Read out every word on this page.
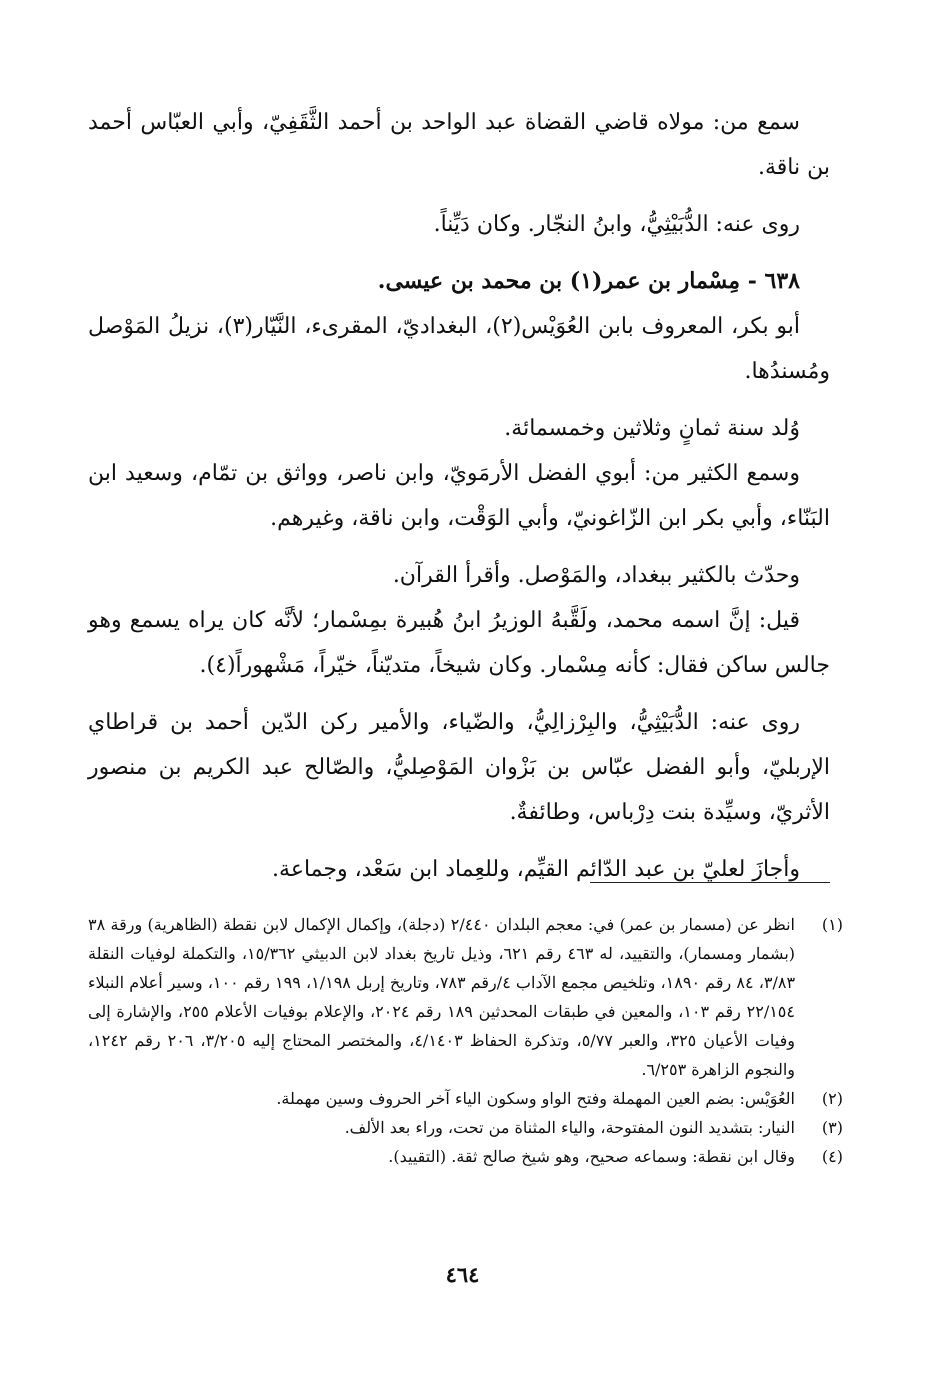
سمع من: مولاه قاضي القضاة عبد الواحد بن أحمد الثَّقَفِيّ، وأبي العبّاس أحمد بن ناقة.

روى عنه: الدُّبَيْثِيُّ، وابنُ النجّار. وكان دَيِّناً.

٦٣٨ - مِسْمار بن عمر(١) بن محمد بن عيسى.

أبو بكر، المعروف بابن العُوَيْس(٢)، البغداديّ، المقرىء، النَّيّار(٣)، نزيلُ المَوْصل ومُسندُها.

وُلد سنة ثمانٍ وثلاثين وخمسمائة.

وسمع الكثير من: أبوي الفضل الأرمَويّ، وابن ناصر، وواثق بن تمّام، وسعيد ابن البَنّاء، وأبي بكر ابن الزّاغونيّ، وأبي الوَقْت، وابن ناقة، وغيرهم.

وحدّث بالكثير ببغداد، والمَوْصل. وأقرأ القرآن.

قيل: إنَّ اسمه محمد، ولَقَّبهُ الوزيرُ ابنُ هُبيرة بمِسْمار؛ لأنَّه كان يراه يسمع وهو جالس ساكن فقال: كأنه مِسْمار. وكان شيخاً، متديّناً، خيّراً، مَشْهوراً(٤).

روى عنه: الدُّبَيْثِيُّ، والبِرْزالِيُّ، والضّياء، والأمير ركن الدّين أحمد بن قراطاي الإربليّ، وأبو الفضل عبّاس بن بَزْوان المَوْصِليُّ، والصّالح عبد الكريم بن منصور الأثريّ، وسيِّدة بنت دِرْباس، وطائفةٌ.

وأجازَ لعليّ بن عبد الدّائم القيِّم، وللعِماد ابن سَعْد، وجماعة.

(١)
انظر عن (مسمار بن عمر) في: معجم البلدان ٢/٤٤٠ (دجلة)، وإكمال الإكمال لابن نقطة (الظاهرية) ورقة ٣٨ (بشمار ومسمار)، والتقييد، له ٤٦٣ رقم ٦٢١، وذيل تاريخ بغداد لابن الدبيثي ١٥/٣٦٢، والتكملة لوفيات النقلة ٣/٨٣، ٨٤ رقم ١٨٩٠، وتلخيص مجمع الآداب ٤/رقم ٧٨٣، وتاريخ إربل ١/١٩٨، ١٩٩ رقم ١٠٠، وسير أعلام النبلاء ٢٢/١٥٤ رقم ١٠٣، والمعين في طبقات المحدثين ١٨٩ رقم ٢٠٢٤، والإعلام بوفيات الأعلام ٢٥٥، والإشارة إلى وفيات الأعيان ٣٢٥، والعبر ٥/٧٧، وتذكرة الحفاظ ٤/١٤٠٣، والمختصر المحتاج إليه ٣/٢٠٥، ٢٠٦ رقم ١٢٤٢، والنجوم الزاهرة ٦/٢٥٣.
(٢)
العُوَيْس: بضم العين المهملة وفتح الواو وسكون الياء آخر الحروف وسين مهملة.
(٣)
النيار: بتشديد النون المفتوحة، والياء المثناة من تحت، وراء بعد الألف.
(٤)
وقال ابن نقطة: وسماعه صحيح، وهو شيخ صالح ثقة. (التقييد).
٤٦٤
